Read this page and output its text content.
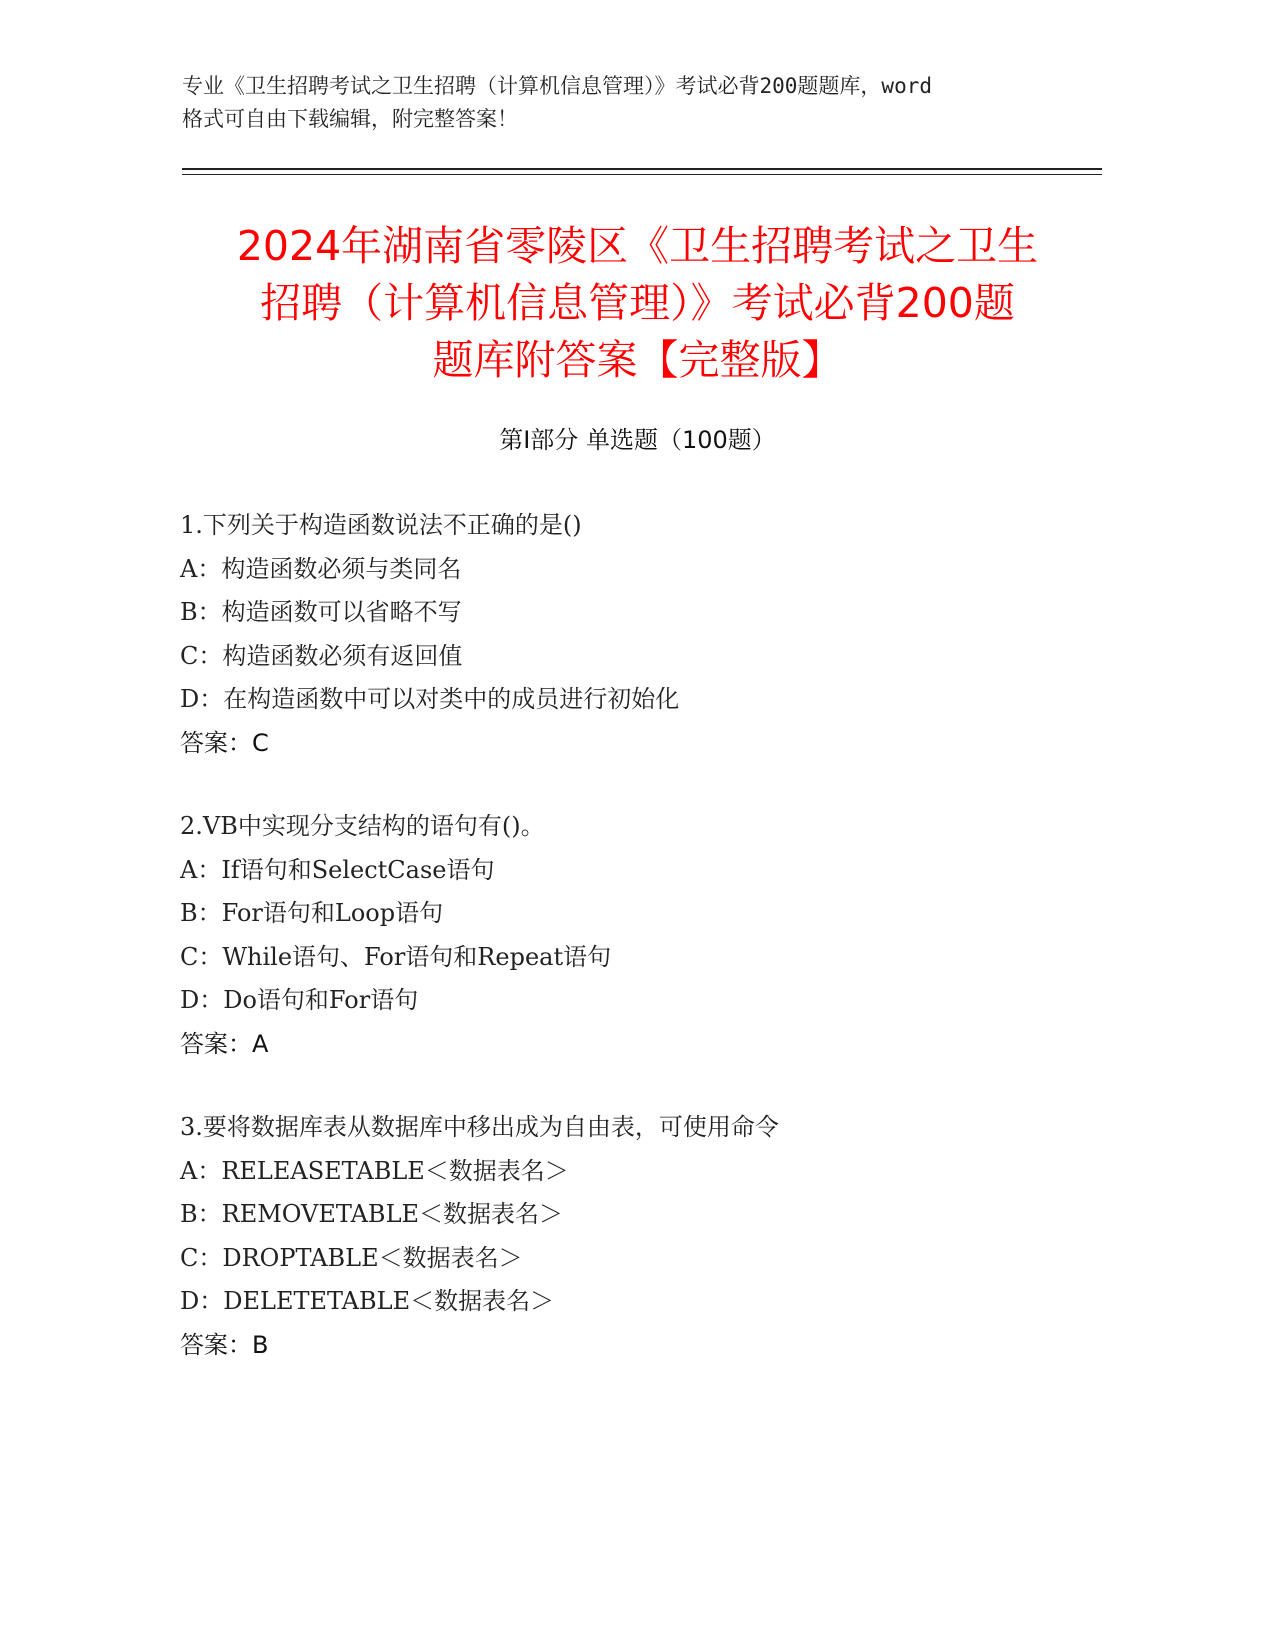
专业《卫生招聘考试之卫生招聘（计算机信息管理）》考试必背200题题库，word
格式可自由下载编辑，附完整答案！
2024年湖南省零陵区《卫生招聘考试之卫生
招聘（计算机信息管理）》考试必背200题
题库附答案【完整版】
第Ⅰ部分 单选题（100题）
1.下列关于构造函数说法不正确的是()
A：构造函数必须与类同名
B：构造函数可以省略不写
C：构造函数必须有返回值
D：在构造函数中可以对类中的成员进行初始化
答案：C
2.VB中实现分支结构的语句有()。
A：If语句和SelectCase语句
B：For语句和Loop语句
C：While语句、For语句和Repeat语句
D：Do语句和For语句
答案：A
3.要将数据库表从数据库中移出成为自由表，可使用命令
A：RELEASETABLE＜数据表名＞
B：REMOVETABLE＜数据表名＞
C：DROPTABLE＜数据表名＞
D：DELETETABLE＜数据表名＞
答案：B
